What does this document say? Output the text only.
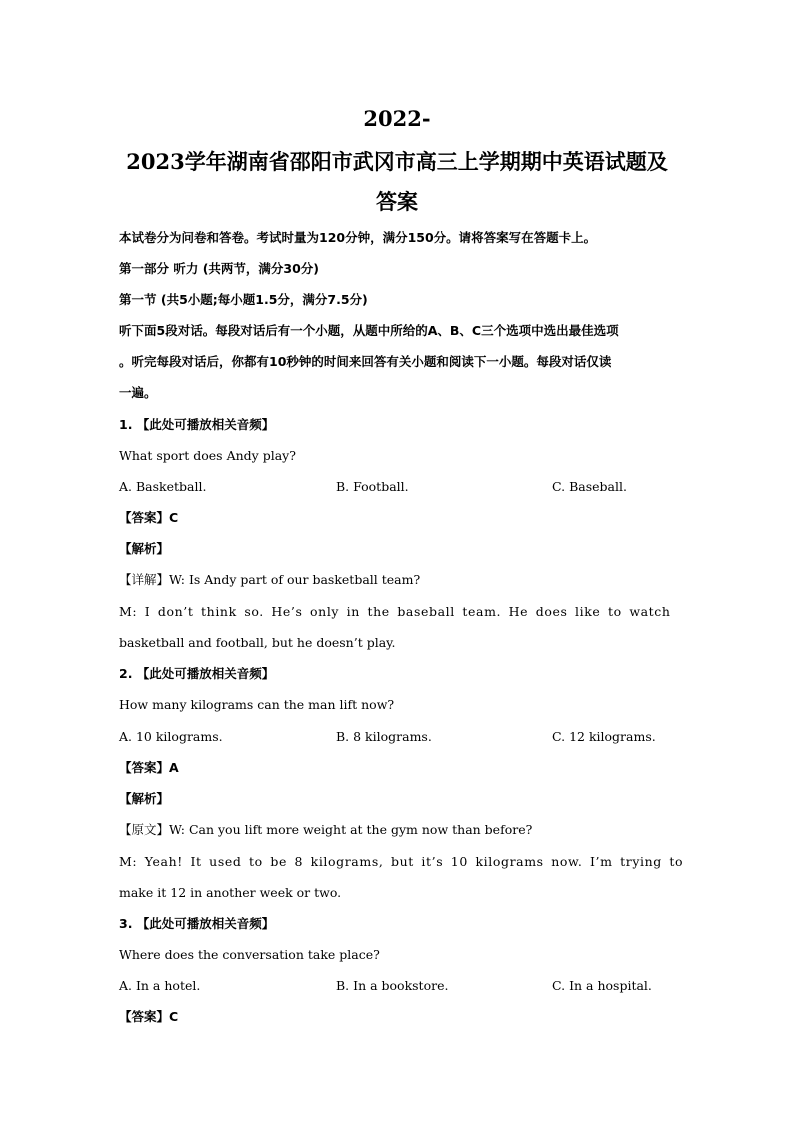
2022-
2023学年湖南省邵阳市武冈市高三上学期期中英语试题及
答案
本试卷分为问卷和答卷。考试时量为120分钟，满分150分。请将答案写在答题卡上。
第一部分 听力 (共两节，满分30分)
第一节 (共5小题;每小题1.5分，满分7.5分)
听下面5段对话。每段对话后有一个小题，从题中所给的A、B、C三个选项中选出最佳选项
。听完每段对话后，你都有10秒钟的时间来回答有关小题和阅读下一小题。每段对话仅读
一遍。
1. 【此处可播放相关音频】
What sport does Andy play?
A. Basketball.	B. Football.	C. Baseball.
【答案】C
【解析】
【详解】W: Is Andy part of our basketball team?
M: I don’t think so. He’s only in the baseball team. He does like to watch
basketball and football, but he doesn’t play.
2. 【此处可播放相关音频】
How many kilograms can the man lift now?
A. 10 kilograms.	B. 8 kilograms.	C. 12 kilograms.
【答案】A
【解析】
【原文】W: Can you lift more weight at the gym now than before?
M: Yeah! It used to be 8 kilograms, but it’s 10 kilograms now. I’m trying to
make it 12 in another week or two.
3. 【此处可播放相关音频】
Where does the conversation take place?
A. In a hotel.	B. In a bookstore.	C. In a hospital.
【答案】C
